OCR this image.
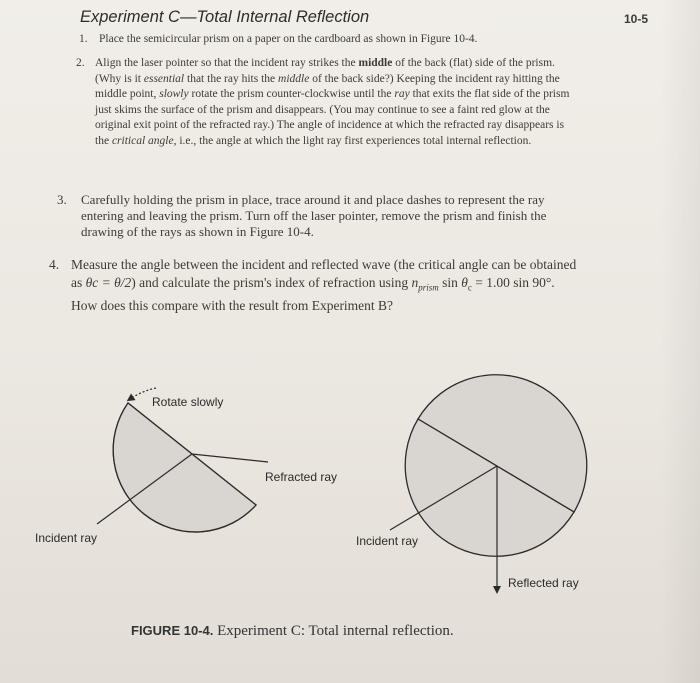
Experiment C—Total Internal Reflection	10-5
1. Place the semicircular prism on a paper on the cardboard as shown in Figure 10-4.
2. Align the laser pointer so that the incident ray strikes the middle of the back (flat) side of the prism. (Why is it essential that the ray hits the middle of the back side?) Keeping the incident ray hitting the middle point, slowly rotate the prism counter-clockwise until the ray that exits the flat side of the prism just skims the surface of the prism and disappears. (You may continue to see a faint red glow at the original exit point of the refracted ray.) The angle of incidence at which the refracted ray disappears is the critical angle, i.e., the angle at which the light ray first experiences total internal reflection.
3. Carefully holding the prism in place, trace around it and place dashes to represent the ray entering and leaving the prism. Turn off the laser pointer, remove the prism and finish the drawing of the rays as shown in Figure 10-4.
4. Measure the angle between the incident and reflected wave (the critical angle can be obtained as θc = θ/2) and calculate the prism's index of refraction using $n_{prism}$ $\sin \theta_c = 1.00$ sin 90°. How does this compare with the result from Experiment B?
Rotate slowly
Refracted ray
Incident ray	Incident ray
Reflected ray
FIGURE 10-4. Experiment C: Total internal reflection.
